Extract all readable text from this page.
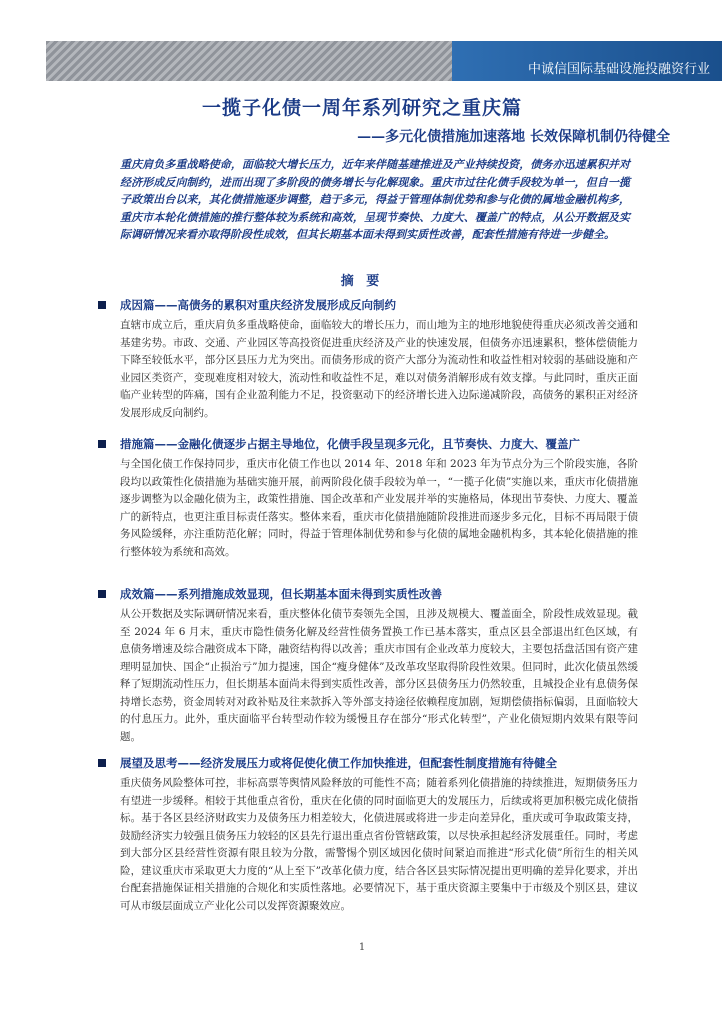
中诚信国际基础设施投融资行业
一揽子化债一周年系列研究之重庆篇
——多元化债措施加速落地 长效保障机制仍待健全
重庆肩负多重战略使命，面临较大增长压力，近年来伴随基建推进及产业持续投资，债务亦迅速累积并对经济形成反向制约，进而出现了多阶段的债务增长与化解现象。重庆市过往化债手段较为单一，但自一揽子政策出台以来，其化债措施逐步调整，趋于多元，得益于管理体制优势和参与化债的属地金融机构多，重庆市本轮化债措施的推行整体较为系统和高效，呈现节奏快、力度大、覆盖广的特点，从公开数据及实际调研情况来看亦取得阶段性成效，但其长期基本面未得到实质性改善，配套性措施有待进一步健全。
摘 要
成因篇——高债务的累积对重庆经济发展形成反向制约
直辖市成立后，重庆肩负多重战略使命，面临较大的增长压力，而山地为主的地形地貌使得重庆必须改善交通和基建劣势。市政、交通、产业园区等高投资促进重庆经济及产业的快速发展，但债务亦迅速累积，整体偿债能力下降至较低水平，部分区县压力尤为突出。而债务形成的资产大部分为流动性和收益性相对较弱的基础设施和产业园区类资产，变现难度相对较大，流动性和收益性不足，难以对债务消解形成有效支撑。与此同时，重庆正面临产业转型的阵痛，国有企业盈利能力不足，投资驱动下的经济增长进入边际递减阶段，高债务的累积正对经济发展形成反向制约。
措施篇——金融化债逐步占据主导地位，化债手段呈现多元化，且节奏快、力度大、覆盖广
与全国化债工作保持同步，重庆市化债工作也以 2014 年、2018 年和 2023 年为节点分为三个阶段实施，各阶段均以政策性化债措施为基础实施开展，前两阶段化债手段较为单一，“一揽子化债”实施以来，重庆市化债措施逐步调整为以金融化债为主，政策性措施、国企改革和产业发展并举的实施格局，体现出节奏快、力度大、覆盖广的新特点，也更注重目标责任落实。整体来看，重庆市化债措施随阶段推进而逐步多元化，目标不再局限于债务风险缓释，亦注重防范化解；同时，得益于管理体制优势和参与化债的属地金融机构多，其本轮化债措施的推行整体较为系统和高效。
成效篇——系列措施成效显现，但长期基本面未得到实质性改善
从公开数据及实际调研情况来看，重庆整体化债节奏领先全国，且涉及规模大、覆盖面全，阶段性成效显现。截至 2024 年 6 月末，重庆市隐性债务化解及经营性债务置换工作已基本落实，重点区县全部退出红色区域，有息债务增速及综合融资成本下降，融资结构得以改善；重庆市国有企业改革力度较大，主要包括盘活国有资产建理明显加快、国企“止损治亏”加力提速，国企“瘦身健体”及改革攻坚取得阶段性效果。但同时，此次化债虽然缓释了短期流动性压力，但长期基本面尚未得到实质性改善，部分区县债务压力仍然较重，且城投企业有息债务保持增长态势，资金周转对对政补贴及往来款拆入等外部支持途径依赖程度加剧，短期偿债指标偏弱，且面临较大的付息压力。此外，重庆面临平台转型动作较为缓慢且存在部分“形式化转型”，产业化债短期内效果有限等问题。
展望及思考——经济发展压力或将促使化债工作加快推进，但配套性制度措施有待健全
重庆债务风险整体可控，非标高票等舆情风险释放的可能性不高；随着系列化债措施的持续推进，短期债务压力有望进一步缓释。相较于其他重点省份，重庆在化债的同时面临更大的发展压力，后续或将更加积极完成化债指标。基于各区县经济财政实力及债务压力相差较大，化债进展或将进一步走向差异化，重庆或可争取政策支持，鼓励经济实力较强且债务压力较轻的区县先行退出重点省份管辖政策，以尽快承担起经济发展重任。同时，考虑到大部分区县经营性资源有限且较为分散，需警惕个别区域因化债时间紧迫而推进“形式化债”所衍生的相关风险，建议重庆市采取更大力度的“从上至下”改革化债力度，结合各区县实际情况提出更明确的差异化要求，并出台配套措施保证相关措施的合规化和实质性落地。必要情况下，基于重庆资源主要集中于市级及个别区县，建议可从市级层面成立产业化公司以发挥资源聚效应。
1
